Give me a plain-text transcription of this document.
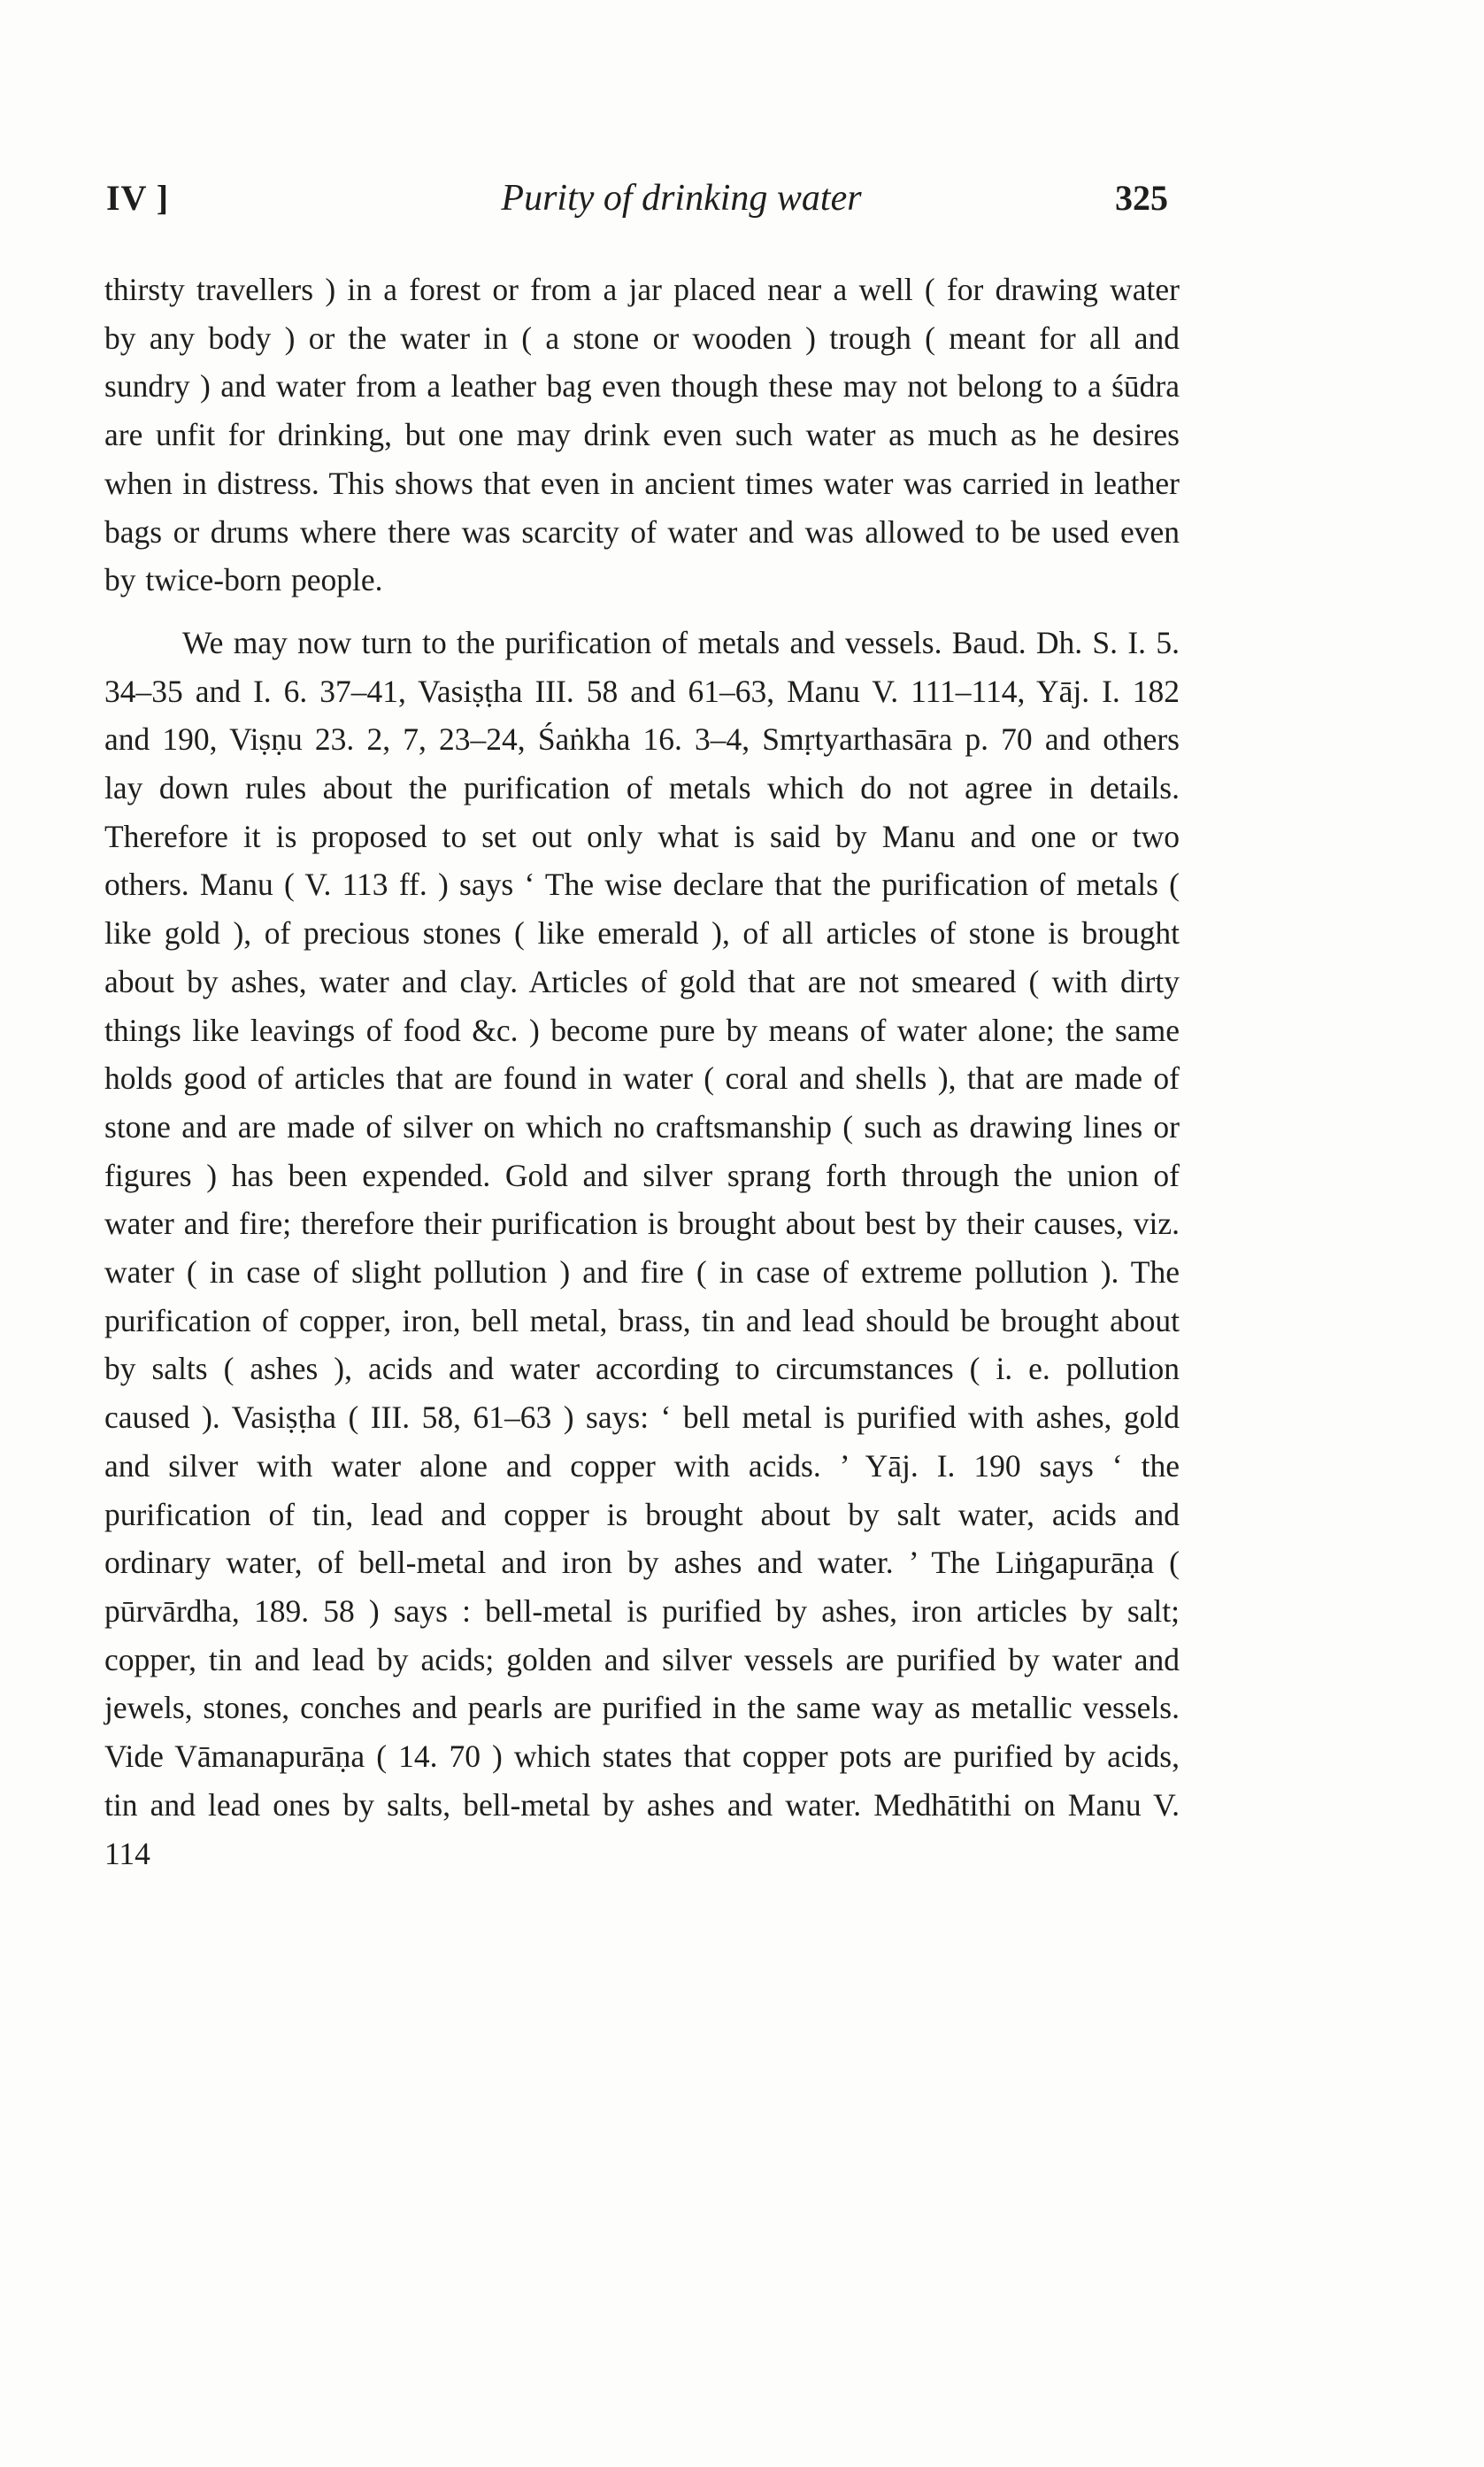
IV ]	Purity of drinking water	325

thirsty travellers ) in a forest or from a jar placed near a well ( for drawing water by any body ) or the water in ( a stone or wooden ) trough ( meant for all and sundry ) and water from a leather bag even though these may not belong to a śūdra are unfit for drinking, but one may drink even such water as much as he desires when in distress. This shows that even in ancient times water was carried in leather bags or drums where there was scarcity of water and was allowed to be used even by twice-born people.

We may now turn to the purification of metals and vessels. Baud. Dh. S. I. 5. 34–35 and I. 6. 37–41, Vasiṣṭha III. 58 and 61–63, Manu V. 111–114, Yāj. I. 182 and 190, Viṣṇu 23. 2, 7, 23–24, Śaṅkha 16. 3–4, Smṛtyarthasāra p. 70 and others lay down rules about the purification of metals which do not agree in details. Therefore it is proposed to set out only what is said by Manu and one or two others. Manu ( V. 113 ff. ) says ‘ The wise declare that the purification of metals ( like gold ), of precious stones ( like emerald ), of all articles of stone is brought about by ashes, water and clay. Articles of gold that are not smeared ( with dirty things like leavings of food &c. ) become pure by means of water alone; the same holds good of articles that are found in water ( coral and shells ), that are made of stone and are made of silver on which no craftsmanship ( such as drawing lines or figures ) has been expended. Gold and silver sprang forth through the union of water and fire; therefore their purification is brought about best by their causes, viz. water ( in case of slight pollution ) and fire ( in case of extreme pollution ). The purification of copper, iron, bell metal, brass, tin and lead should be brought about by salts ( ashes ), acids and water according to circumstances ( i. e. pollution caused ). Vasiṣṭha ( III. 58, 61–63 ) says: ‘ bell metal is purified with ashes, gold and silver with water alone and copper with acids. ’ Yāj. I. 190 says ‘ the purification of tin, lead and copper is brought about by salt water, acids and ordinary water, of bell-metal and iron by ashes and water. ’ The Liṅgapurāṇa ( pūrvārdha, 189. 58 ) says : bell-metal is purified by ashes, iron articles by salt; copper, tin and lead by acids; golden and silver vessels are purified by water and jewels, stones, conches and pearls are purified in the same way as metallic vessels. Vide Vāmanapurāṇa ( 14. 70 ) which states that copper pots are purified by acids, tin and lead ones by salts, bell-metal by ashes and water. Medhātithi on Manu V. 114
